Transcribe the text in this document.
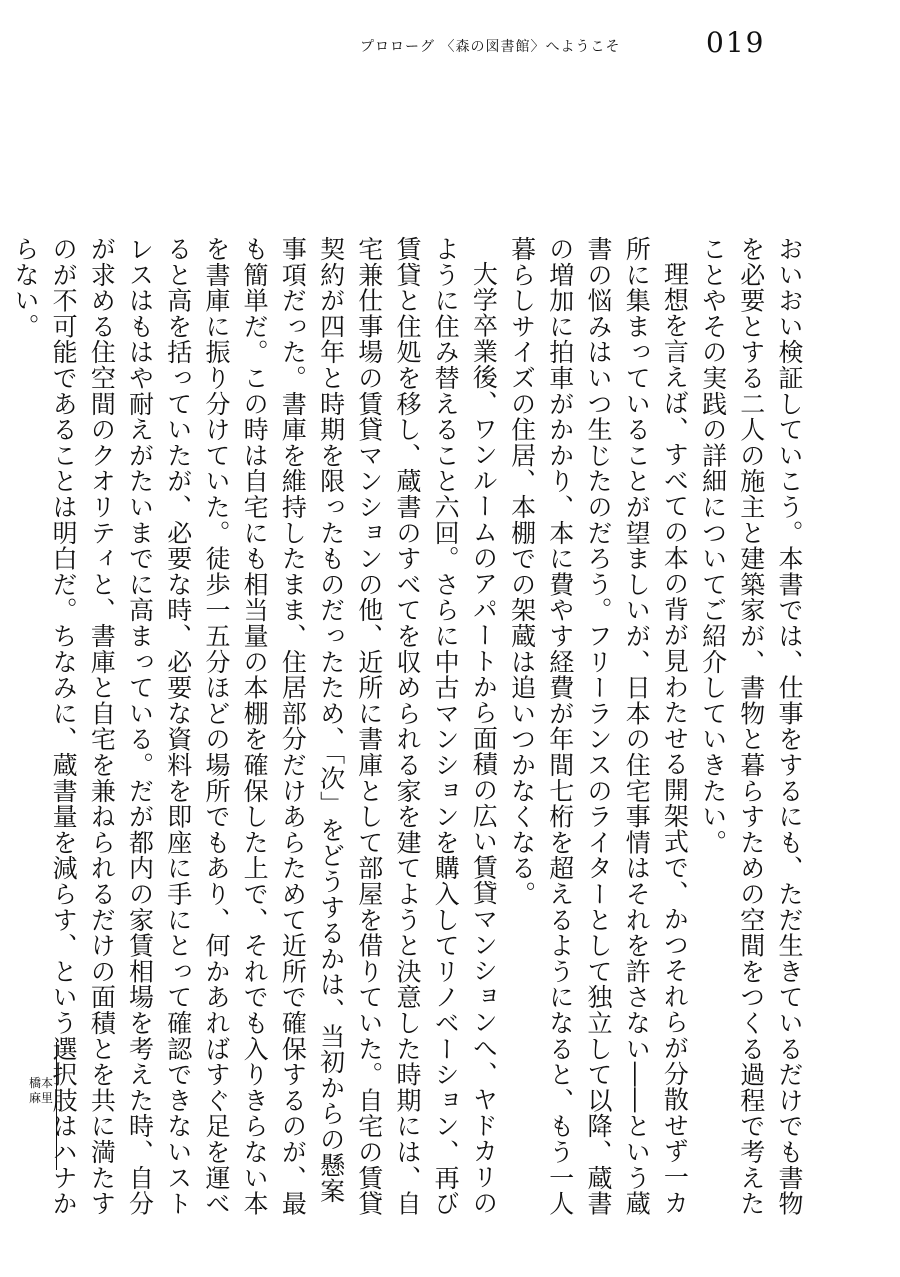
プロローグ 〈森の図書館〉へようこそ	019

おいおい検証していこう。本書では、仕事をするにも、ただ生きているだけでも書物を必要とする二人の施主と建築家が、書物と暮らすための空間をつくる過程で考えたことやその実践の詳細についてご紹介していきたい。

理想を言えば、すべての本の背が見わたせる開架式で、かつそれらが分散せず一カ所に集まっていることが望ましいが、日本の住宅事情はそれを許さない――という蔵書の悩みはいつ生じたのだろう。フリーランスのライターとして独立して以降、蔵書の増加に拍車がかかり、本に費やす経費が年間七桁を超えるようになると、もう一人暮らしサイズの住居、本棚での架蔵は追いつかなくなる。

大学卒業後、ワンルームのアパートから面積の広い賃貸マンションへ、ヤドカリのように住み替えること六回。さらに中古マンションを購入してリノベーション、再び賃貸と住処を移し、蔵書のすべてを収められる家を建てようと決意した時期には、自宅兼仕事場の賃貸マンションの他、近所に書庫として部屋を借りていた。自宅の賃貸契約が四年と時期を限ったものだったため、「次」をどうするかは、当初からの懸案事項だった。書庫を維持したまま、住居部分だけあらためて近所で確保するのが、最も簡単だ。この時は自宅にも相当量の本棚を確保した上で、それでも入りきらない本を書庫に振り分けていた。徒歩一五分ほどの場所でもあり、何かあればすぐ足を運べると高を括っていたが、必要な時、必要な資料を即座に手にとって確認できないストレスはもはや耐えがたいまでに高まっている。だが都内の家賃相場を考えた時、自分が求める住空間のクオリティと、書庫と自宅を兼ねられるだけの面積とを共に満たすのが不可能であることは明白だ。ちなみに、蔵書量を減らす、という選択肢はハナからない。

橋本 麻里
